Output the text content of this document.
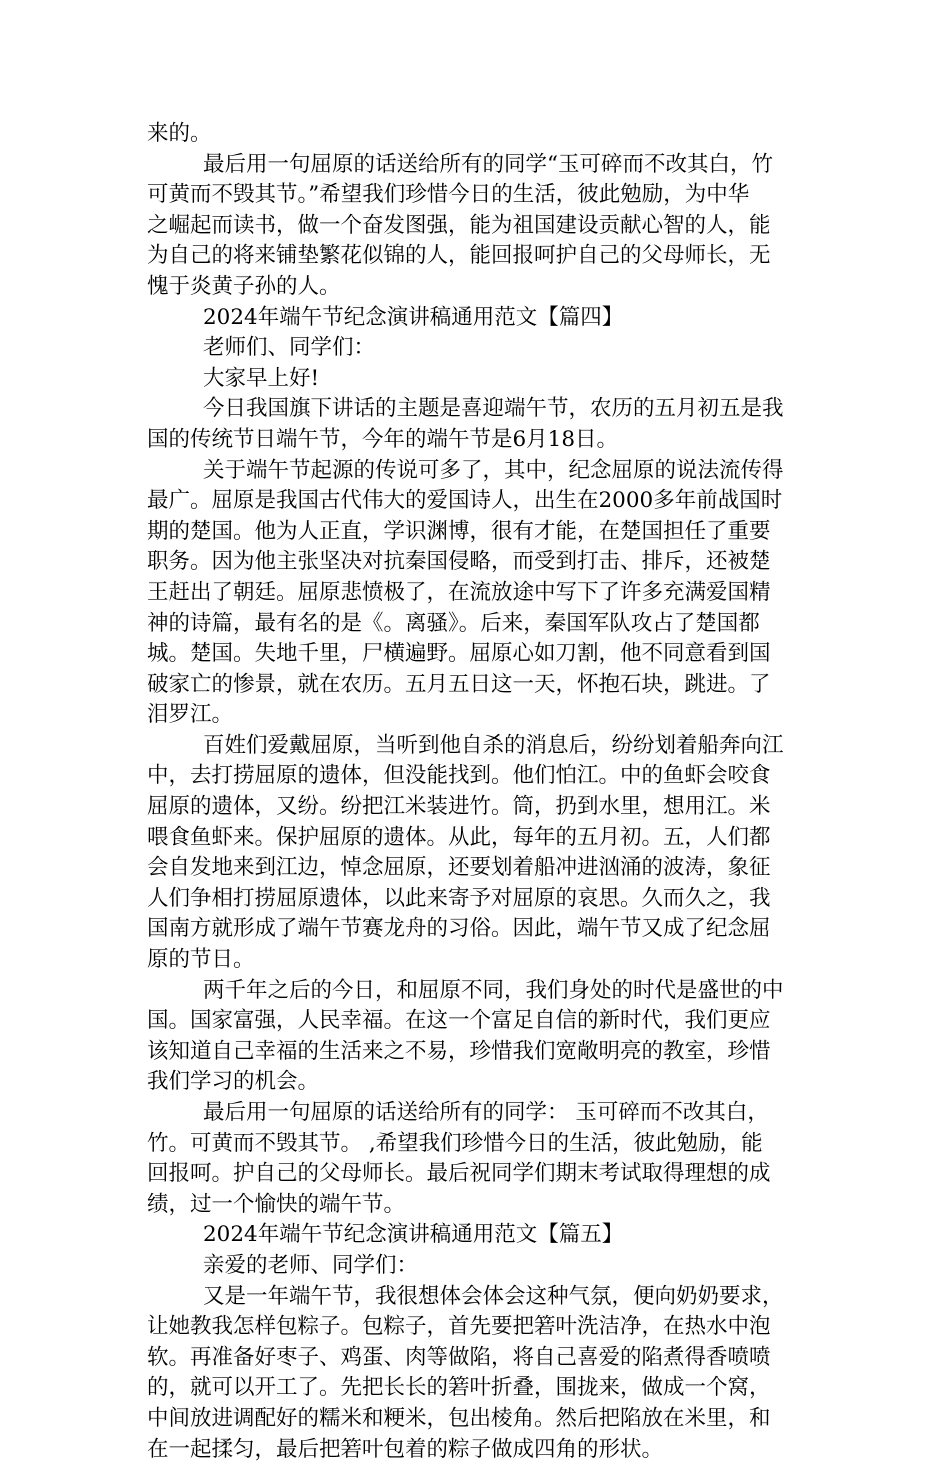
来的。
最后用一句屈原的话送给所有的同学“玉可碎而不改其白，竹
可黄而不毁其节。”希望我们珍惜今日的生活，彼此勉励，为中华
之崛起而读书，做一个奋发图强，能为祖国建设贡献心智的人，能
为自己的将来铺垫繁花似锦的人，能回报呵护自己的父母师长，无
愧于炎黄子孙的人。
2024年端午节纪念演讲稿通用范文【篇四】
老师们、同学们：
大家早上好!
今日我国旗下讲话的主题是喜迎端午节，农历的五月初五是我
国的传统节日端午节，今年的端午节是6月18日。
关于端午节起源的传说可多了，其中，纪念屈原的说法流传得
最广。屈原是我国古代伟大的爱国诗人，出生在2000多年前战国时
期的楚国。他为人正直，学识渊博，很有才能，在楚国担任了重要
职务。因为他主张坚决对抗秦国侵略，而受到打击、排斥，还被楚
王赶出了朝廷。屈原悲愤极了，在流放途中写下了许多充满爱国精
神的诗篇，最有名的是《。离骚》。后来，秦国军队攻占了楚国都
城。楚国。失地千里，尸横遍野。屈原心如刀割，他不同意看到国
破家亡的惨景，就在农历。五月五日这一天，怀抱石块，跳进。了
泪罗江。
百姓们爱戴屈原，当听到他自杀的消息后，纷纷划着船奔向江
中，去打捞屈原的遗体，但没能找到。他们怕江。中的鱼虾会咬食
屈原的遗体，又纷。纷把江米装进竹。筒，扔到水里，想用江。米
喂食鱼虾来。保护屈原的遗体。从此，每年的五月初。五，人们都
会自发地来到江边，悼念屈原，还要划着船冲进汹涌的波涛，象征
人们争相打捞屈原遗体，以此来寄予对屈原的哀思。久而久之，我
国南方就形成了端午节赛龙舟的习俗。因此，端午节又成了纪念屈
原的节日。
两千年之后的今日，和屈原不同，我们身处的时代是盛世的中
国。国家富强，人民幸福。在这一个富足自信的新时代，我们更应
该知道自己幸福的生活来之不易，珍惜我们宽敞明亮的教室，珍惜
我们学习的机会。
最后用一句屈原的话送给所有的同学： 玉可碎而不改其白，
竹。可黄而不毁其节。 ,希望我们珍惜今日的生活，彼此勉励，能
回报呵。护自己的父母师长。最后祝同学们期末考试取得理想的成
绩，过一个愉快的端午节。
2024年端午节纪念演讲稿通用范文【篇五】
亲爱的老师、同学们：
又是一年端午节，我很想体会体会这种气氛，便向奶奶要求，
让她教我怎样包粽子。包粽子，首先要把箬叶洗洁净，在热水中泡
软。再准备好枣子、鸡蛋、肉等做陷，将自己喜爱的陷煮得香喷喷
的，就可以开工了。先把长长的箬叶折叠，围拢来，做成一个窝，
中间放进调配好的糯米和粳米，包出棱角。然后把陷放在米里，和
在一起揉匀，最后把箬叶包着的粽子做成四角的形状。
